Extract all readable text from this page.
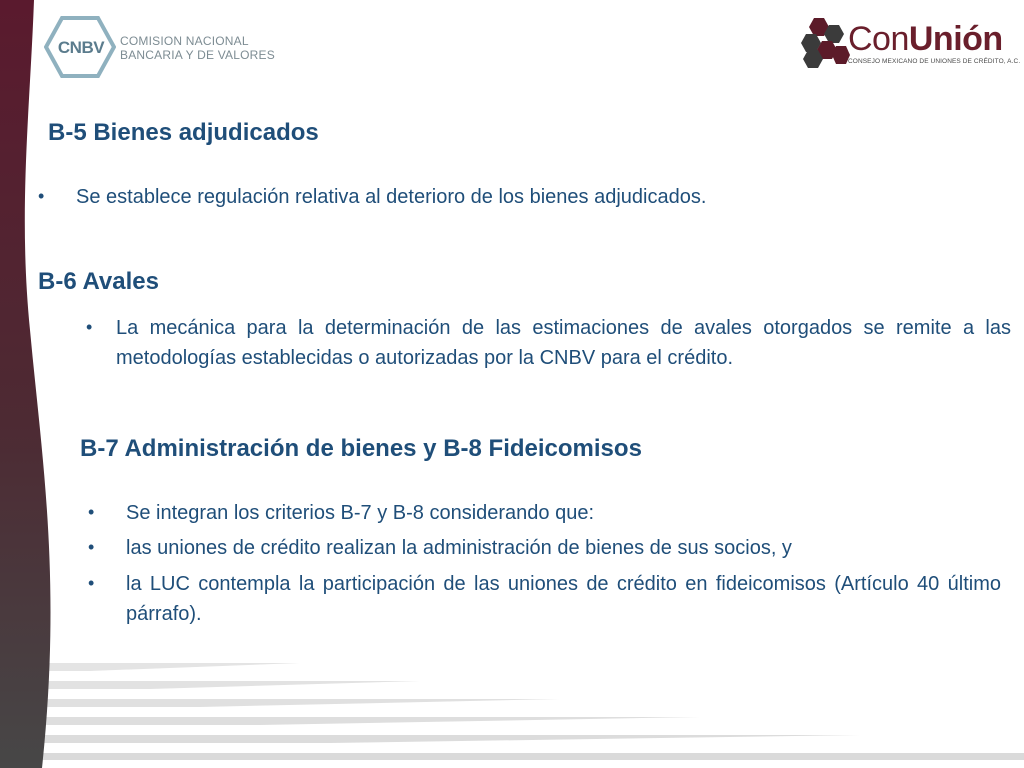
CNBV	COMISION NACIONAL
BANCARIA Y DE VALORES	ConUnión
CONSEJO MEXICANO DE UNIONES DE CRÉDITO, A.C.
B-5 Bienes adjudicados
• Se establece regulación relativa al deterioro de los bienes adjudicados.

B-6 Avales
• La mecánica para la determinación de las estimaciones de avales otorgados se remite a las metodologías establecidas o autorizadas por la CNBV para el crédito.

B-7 Administración de bienes y B-8 Fideicomisos
• Se integran los criterios B-7 y B-8 considerando que:

• las uniones de crédito realizan la administración de bienes de sus socios, y

• la LUC contempla la participación de las uniones de crédito en fideicomisos (Artículo 40 último párrafo).
